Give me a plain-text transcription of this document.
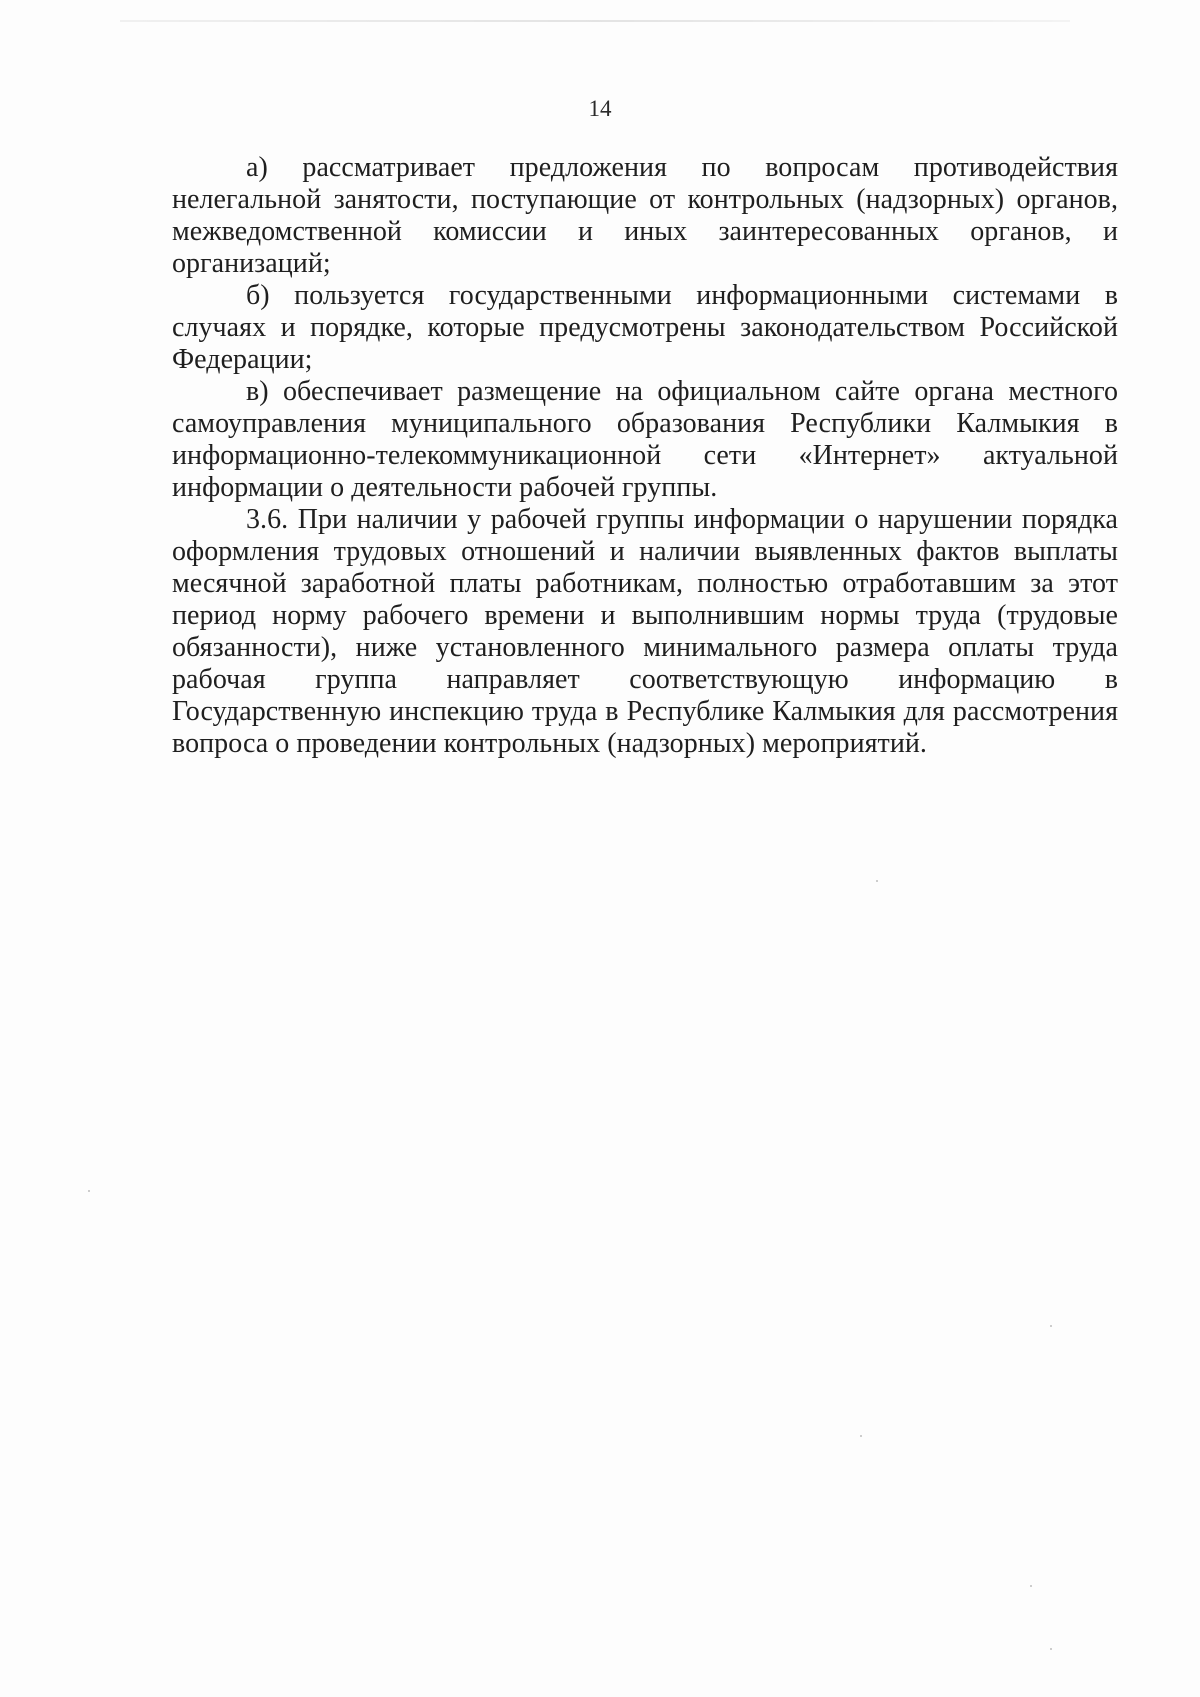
14

а) рассматривает предложения по вопросам противодействия нелегальной занятости, поступающие от контрольных (надзорных) органов, межведомственной комиссии и иных заинтересованных органов, и организаций;

б) пользуется государственными информационными системами в случаях и порядке, которые предусмотрены законодательством Российской Федерации;

в) обеспечивает размещение на официальном сайте органа местного самоуправления муниципального образования Республики Калмыкия в информационно-телекоммуникационной сети «Интернет» актуальной информации о деятельности рабочей группы.

3.6. При наличии у рабочей группы информации о нарушении порядка оформления трудовых отношений и наличии выявленных фактов выплаты месячной заработной платы работникам, полностью отработавшим за этот период норму рабочего времени и выполнившим нормы труда (трудовые обязанности), ниже установленного минимального размера оплаты труда рабочая группа направляет соответствующую информацию в Государственную инспекцию труда в Республике Калмыкия для рассмотрения вопроса о проведении контрольных (надзорных) мероприятий.
